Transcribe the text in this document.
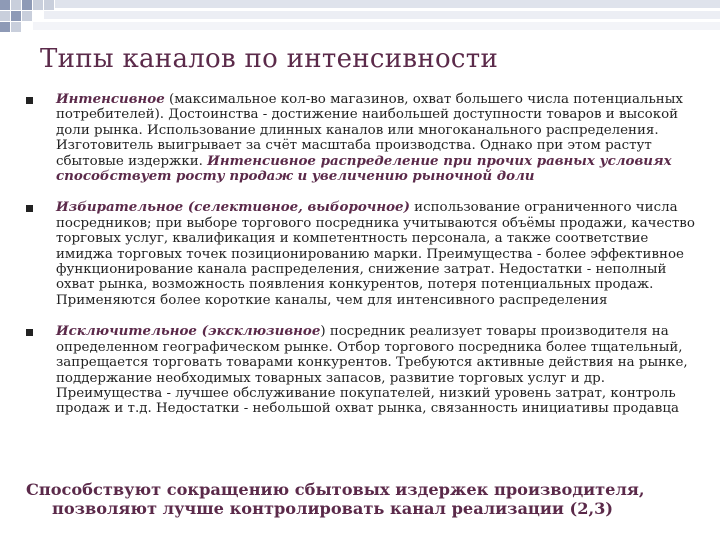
Типы каналов по интенсивности
Интенсивное (максимальное кол-во магазинов, охват большего числа потенциальных потребителей). Достоинства - достижение наибольшей доступности товаров и высокой доли рынка. Использование длинных каналов или многоканального распределения. Изготовитель выигрывает за счёт масштаба производства. Однако при этом растут сбытовые издержки. Интенсивное распределение при прочих равных условиях способствует росту продаж и увеличению рыночной доли
Избирательное (селективное, выборочное) использование ограниченного числа посредников; при выборе торгового посредника учитываются объёмы продажи, качество торговых услуг, квалификация и компетентность персонала, а также соответствие имиджа торговых точек позиционированию марки. Преимущества - более эффективное функционирование канала распределения, снижение затрат. Недостатки - неполный охват рынка, возможность появления конкурентов, потеря потенциальных продаж. Применяются более короткие каналы, чем для интенсивного распределения
Исключительное (эксклюзивное) посредник реализует товары производителя на определенном географическом рынке. Отбор торгового посредника более тщательный, запрещается торговать товарами конкурентов. Требуются активные действия на рынке, поддержание необходимых товарных запасов, развитие торговых услуг и др. Преимущества - лучшее обслуживание покупателей, низкий уровень затрат, контроль продаж и т.д. Недостатки - небольшой охват рынка, связанность инициативы продавца
Способствуют сокращению сбытовых издержек производителя,
позволяют лучше контролировать канал реализации (2,3)
